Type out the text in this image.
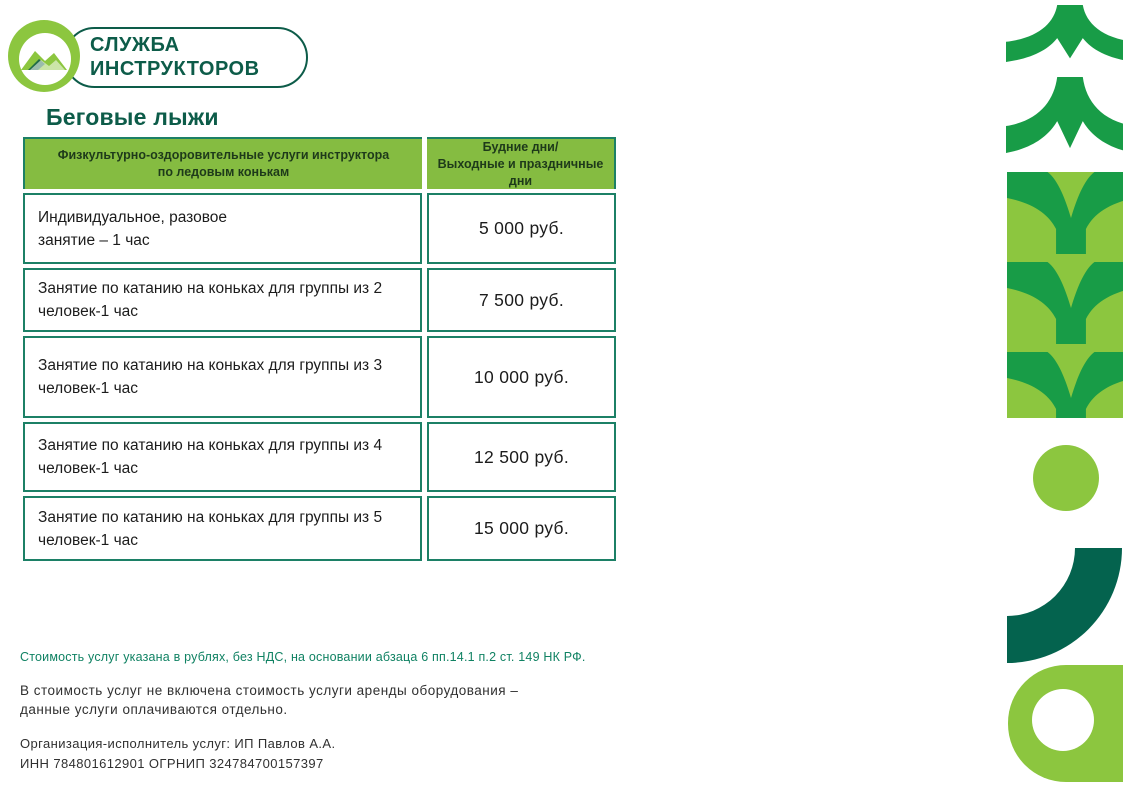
СЛУЖБА
ИНСТРУКТОРОВ
Беговые лыжи
Физкультурно-оздоровительные услуги инструктора
по ледовым конькам
Будние дни/
Выходные и праздничные дни
Индивидуальное, разовое
занятие – 1 час
5 000 руб.
Занятие по катанию на коньках для группы из 2
человек-1 час
7 500 руб.
Занятие по катанию на коньках для группы из 3
человек-1 час
10 000 руб.
Занятие по катанию на коньках для группы из 4
человек-1 час
12 500 руб.
Занятие по катанию на коньках для группы из 5
человек-1 час
15 000 руб.

Стоимость услуг указана в рублях, без НДС, на основании абзаца 6 пп.14.1 п.2 ст. 149 НК РФ.

В стоимость услуг не включена стоимость услуги аренды оборудования –
данные услуги оплачиваются отдельно.

Организация-исполнитель услуг: ИП Павлов А.А.
ИНН 784801612901 ОГРНИП 324784700157397
